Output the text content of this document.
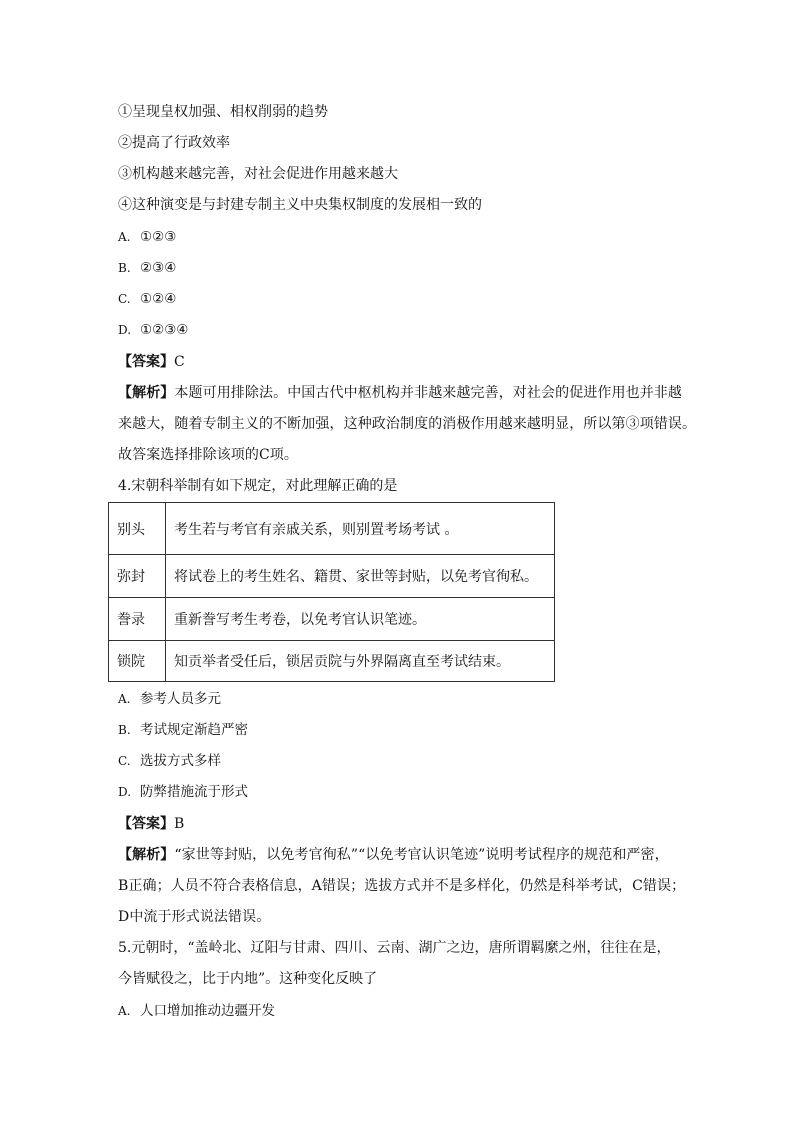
①呈现皇权加强、相权削弱的趋势
②提高了行政效率
③机构越来越完善，对社会促进作用越来越大
④这种演变是与封建专制主义中央集权制度的发展相一致的
A. ①②③
B. ②③④
C. ①②④
D. ①②③④
【答案】C
【解析】本题可用排除法。中国古代中枢机构并非越来越完善，对社会的促进作用也并非越
来越大，随着专制主义的不断加强，这种政治制度的消极作用越来越明显，所以第③项错误。
故答案选择排除该项的C项。
4.宋朝科举制有如下规定，对此理解正确的是
别头	考生若与考官有亲戚关系，则别置考场考试 。
弥封	将试卷上的考生姓名、籍贯、家世等封贴，以免考官徇私。
誊录	重新誊写考生考卷，以免考官认识笔迹。
锁院	知贡举者受任后，锁居贡院与外界隔离直至考试结束。
A. 参考人员多元
B. 考试规定渐趋严密
C. 选拔方式多样
D. 防弊措施流于形式
【答案】B
【解析】“家世等封贴，以免考官徇私”“以免考官认识笔迹”说明考试程序的规范和严密，
B正确；人员不符合表格信息，A错误；选拔方式并不是多样化，仍然是科举考试，C错误；
D中流于形式说法错误。
5.元朝时，“盖岭北、辽阳与甘肃、四川、云南、湖广之边，唐所谓羁縻之州，往往在是，
今皆赋役之，比于内地”。这种变化反映了
A. 人口增加推动边疆开发
